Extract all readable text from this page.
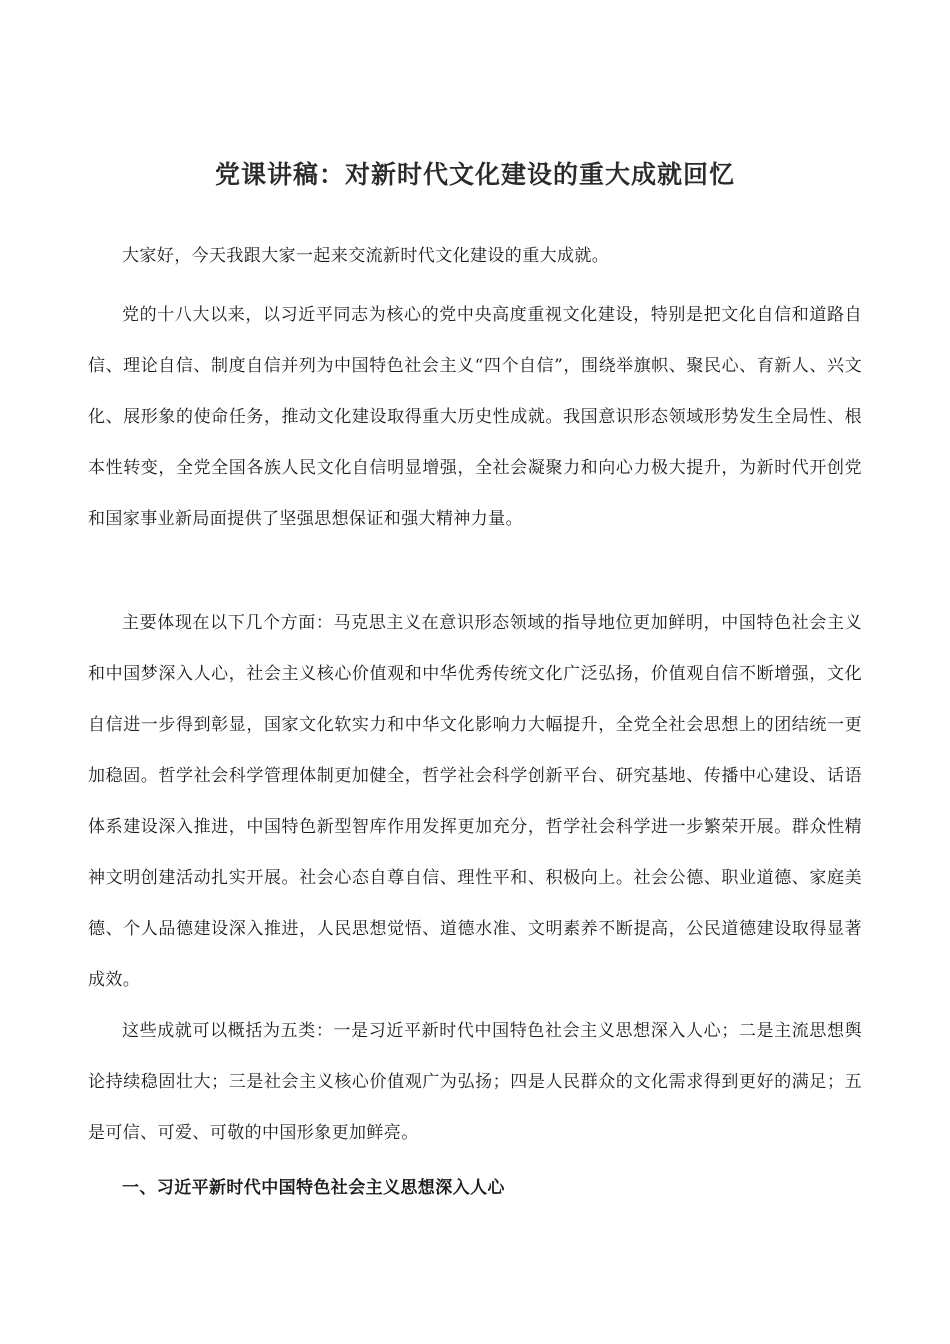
党课讲稿：对新时代文化建设的重大成就回忆

大家好，今天我跟大家一起来交流新时代文化建设的重大成就。

党的十八大以来，以习近平同志为核心的党中央高度重视文化建设，特别是把文化自信和道路自信、理论自信、制度自信并列为中国特色社会主义“四个自信”，围绕举旗帜、聚民心、育新人、兴文化、展形象的使命任务，推动文化建设取得重大历史性成就。我国意识形态领域形势发生全局性、根本性转变，全党全国各族人民文化自信明显增强，全社会凝聚力和向心力极大提升，为新时代开创党和国家事业新局面提供了坚强思想保证和强大精神力量。

主要体现在以下几个方面：马克思主义在意识形态领域的指导地位更加鲜明，中国特色社会主义和中国梦深入人心，社会主义核心价值观和中华优秀传统文化广泛弘扬，价值观自信不断增强，文化自信进一步得到彰显，国家文化软实力和中华文化影响力大幅提升，全党全社会思想上的团结统一更加稳固。哲学社会科学管理体制更加健全，哲学社会科学创新平台、研究基地、传播中心建设、话语体系建设深入推进，中国特色新型智库作用发挥更加充分，哲学社会科学进一步繁荣开展。群众性精神文明创建活动扎实开展。社会心态自尊自信、理性平和、积极向上。社会公德、职业道德、家庭美德、个人品德建设深入推进，人民思想觉悟、道德水准、文明素养不断提高，公民道德建设取得显著成效。

这些成就可以概括为五类：一是习近平新时代中国特色社会主义思想深入人心；二是主流思想舆论持续稳固壮大；三是社会主义核心价值观广为弘扬；四是人民群众的文化需求得到更好的满足；五是可信、可爱、可敬的中国形象更加鲜亮。

一、习近平新时代中国特色社会主义思想深入人心
